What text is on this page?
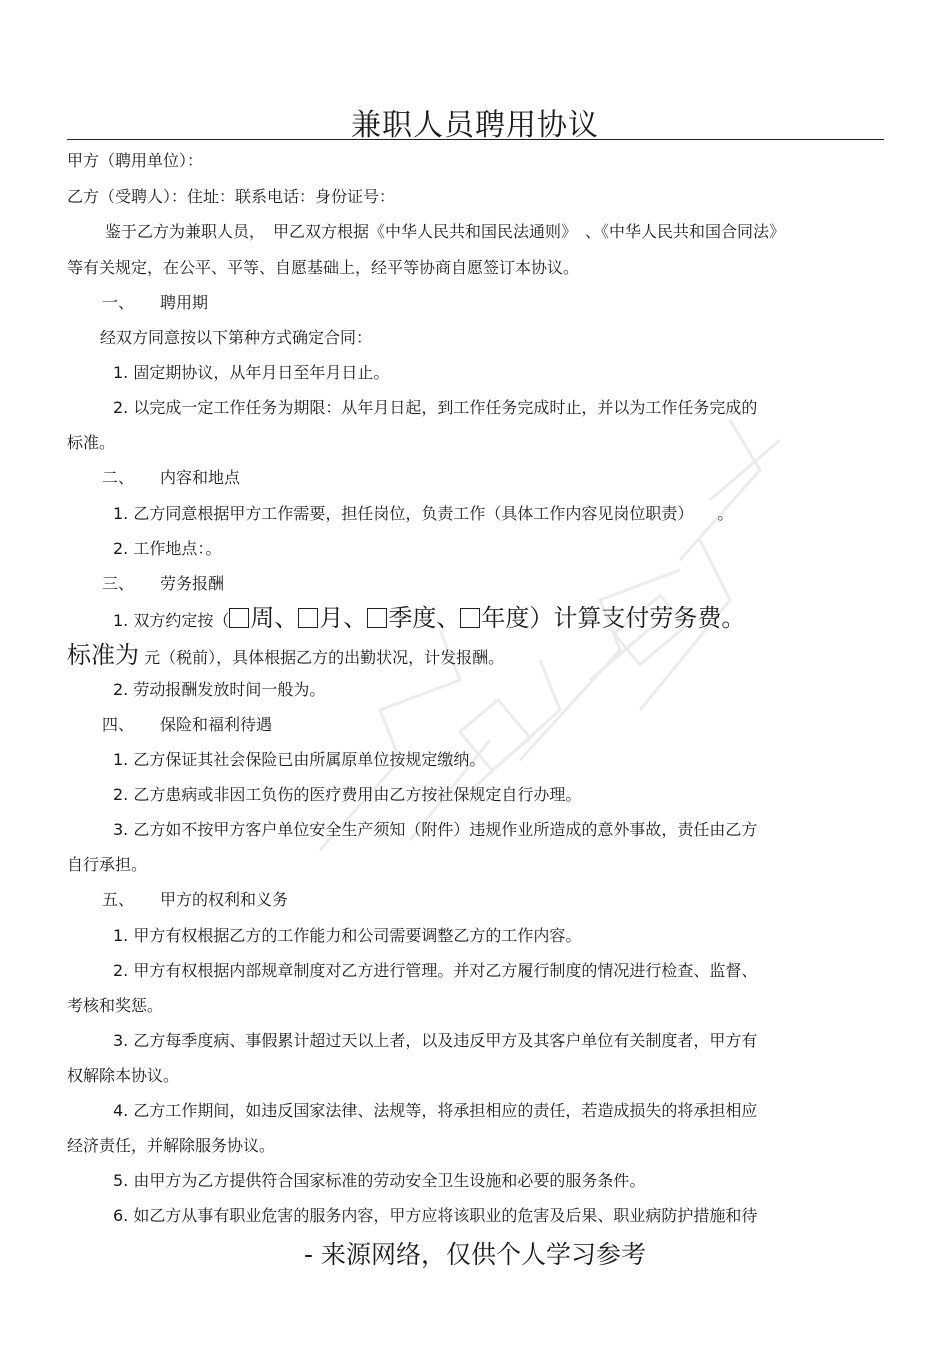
兼职人员聘用协议
甲方（聘用单位）：
乙方（受聘人）：住址：联系电话：身份证号：
鉴于乙方为兼职人员，　甲乙双方根据《中华人民共和国民法通则》　、《中华人民共和国合同法》
等有关规定，在公平、平等、自愿基础上，经平等协商自愿签订本协议。
一、 聘用期
经双方同意按以下第种方式确定合同：
1. 固定期协议，从年月日至年月日止。
2. 以完成一定工作任务为期限：从年月日起，到工作任务完成时止，并以为工作任务完成的
标准。
二、 内容和地点
1. 乙方同意根据甲方工作需要，担任岗位，负责工作（具体工作内容见岗位职责）　　。
2. 工作地点：。
三、 劳务报酬
1. 双方约定按（ 周、 月、 季度、 年度）计算支付劳务费。
标准为 元（税前），具体根据乙方的出勤状况，计发报酬。
2. 劳动报酬发放时间一般为。
四、 保险和福利待遇
1. 乙方保证其社会保险已由所属原单位按规定缴纳。
2. 乙方患病或非因工负伤的医疗费用由乙方按社保规定自行办理。
3. 乙方如不按甲方客户单位安全生产须知（附件）违规作业所造成的意外事故，责任由乙方
自行承担。
五、 甲方的权利和义务
1. 甲方有权根据乙方的工作能力和公司需要调整乙方的工作内容。
2. 甲方有权根据内部规章制度对乙方进行管理。并对乙方履行制度的情况进行检查、监督、
考核和奖惩。
3. 乙方每季度病、事假累计超过天以上者，以及违反甲方及其客户单位有关制度者，甲方有
权解除本协议。
4. 乙方工作期间，如违反国家法律、法规等，将承担相应的责任，若造成损失的将承担相应
经济责任，并解除服务协议。
5. 由甲方为乙方提供符合国家标准的劳动安全卫生设施和必要的服务条件。
6. 如乙方从事有职业危害的服务内容，甲方应将该职业的危害及后果、职业病防护措施和待
- 来源网络，仅供个人学习参考
